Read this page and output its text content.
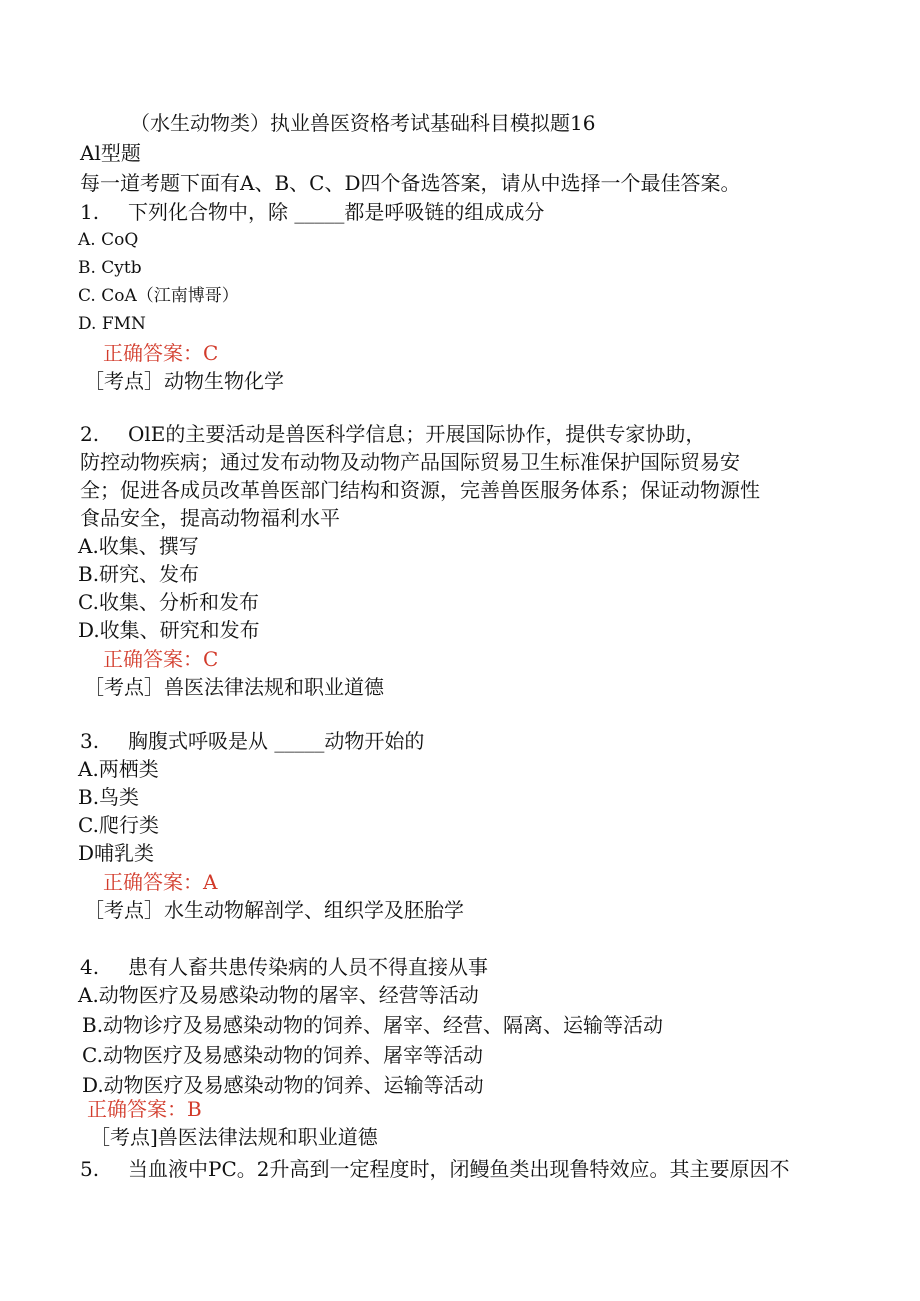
（水生动物类）执业兽医资格考试基础科目模拟题16
Al型题
每一道考题下面有A、B、C、D四个备选答案，请从中选择一个最佳答案。
1. 下列化合物中，除 _____都是呼吸链的组成成分
A. CoQ
B. Cytb
C. CoA（江南博哥）
D. FMN
正确答案：C
［考点］动物生物化学
2. OlE的主要活动是兽医科学信息；开展国际协作，提供专家协助，
防控动物疾病；通过发布动物及动物产品国际贸易卫生标准保护国际贸易安
全；促进各成员改革兽医部门结构和资源，完善兽医服务体系；保证动物源性
食品安全，提高动物福利水平
A.收集、撰写
B.研究、发布
C.收集、分析和发布
D.收集、研究和发布
正确答案：C
［考点］兽医法律法规和职业道德
3. 胸腹式呼吸是从 _____动物开始的
A.两栖类
B.鸟类
C.爬行类
D哺乳类
正确答案：A
［考点］水生动物解剖学、组织学及胚胎学
4. 患有人畜共患传染病的人员不得直接从事
A.动物医疗及易感染动物的屠宰、经营等活动
B.动物诊疗及易感染动物的饲养、屠宰、经营、隔离、运输等活动
C.动物医疗及易感染动物的饲养、屠宰等活动
D.动物医疗及易感染动物的饲养、运输等活动
正确答案：B
［考点]兽医法律法规和职业道德
5. 当血液中PC。2升高到一定程度时，闭鳗鱼类出现鲁特效应。其主要原因不
